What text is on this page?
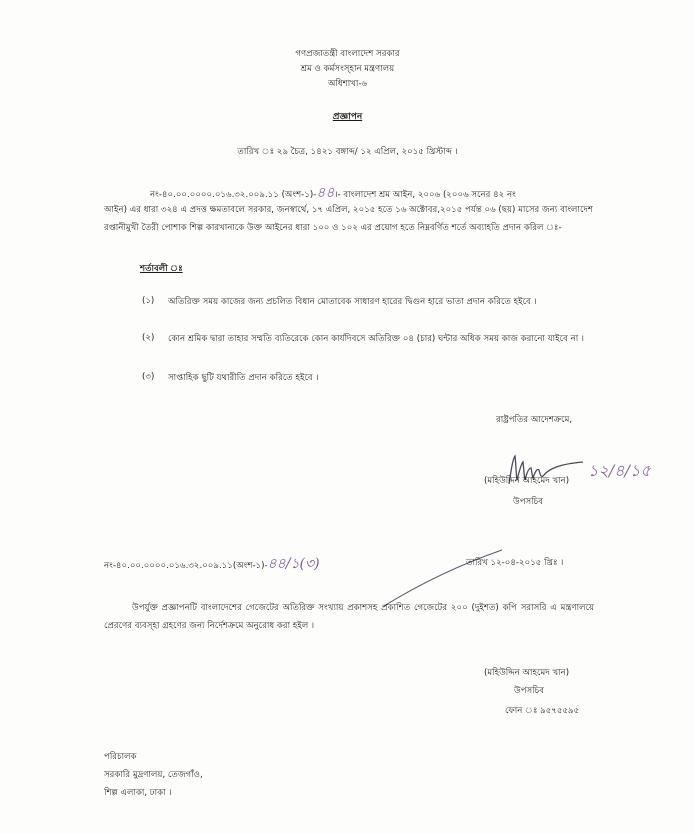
গণপ্রজাতন্ত্রী বাংলাদেশ সরকার
শ্রম ও কর্মসংস্হান মন্ত্রণালয়
অধিশাখা-৬
প্রজ্ঞাপন
তারিখ ঃ ২৯ চৈত্র, ১৪২১ বঙ্গাব্দ/ ১২ এপ্রিল, ২০১৫ খ্রিস্টাব্দ ।
নং-৪০.০০.০০০০.০১৬.৩২.০০৯.১১ (অংশ-১)-৪৪।- বাংলাদেশ শ্রম আইন, ২০০৬ (২০০৬ সনের ৪২ নং
আইন) এর ধারা ৩২৪ এ প্রদত্ত ক্ষমতাবলে সরকার, জনস্বার্থে, ১৭ এপ্রিল, ২০১৫ হতে ১৬ অক্টোবর,২০১৫ পর্যন্ত ০৬ (ছয়) মাসের জন্য বাংলাদেশ রপ্তানীমুখী তৈরী পোশাক শিল্প কারখানাকে উক্ত আইনের ধারা ১০০ ও ১০২ এর প্রয়োগ হতে নিম্নবর্ণিত শর্তে অব্যাহতি প্রদান করিল ঃ-
শর্তাবলী ঃ
(১)	অতিরিক্ত সময় কাজের জন্য প্রচলিত বিধান মোতাবেক সাধারণ হারের দ্বিগুন হারে ভাতা প্রদান করিতে হইবে ।
(২)	কোন শ্রমিক দ্বারা তাহার সম্মতি ব্যতিরেকে কোন কার্যদিবসে অতিরিক্ত ০৪ (চার) ঘন্টার অধিক সময় কাজ করানো যাইবে না ।
(৩)	সাপ্তাহিক ছুটি যথারীতি প্রদান করিতে হইবে ।
রাষ্ট্রপতির আদেশক্রমে,
১২/৪/১৫
(মহিউদ্দিন আহমেদ খান)
উপসচিব
নং-৪০.০০.০০০০.০১৬.৩২.০০৯.১১(অংশ-১)-৪৪/১(৩)	তারিখ ১২-০৪-২০১৫ খ্রিঃ ।
উপর্যুক্ত প্রজ্ঞাপনটি বাংলাদেশের গেজেটের অতিরিক্ত সংখ্যায় প্রকাশসহ প্রকাশিত গেজেটের ২০০ (দুইশত) কপি সরাসরি এ মন্ত্রণালয়ে প্রেরণের ব্যবস্হা গ্রহণের জন্য নির্দেশক্রমে অনুরোধ করা হইল ।
(মহিউদ্দিন আহমেদ খান)
উপসচিব
ফোন ঃ ৯৫৭৫৫৯৫
পরিচালক
সরকারি মুদ্রণালয়, তেজগাঁও,
শিল্প এলাকা, ঢাকা ।
